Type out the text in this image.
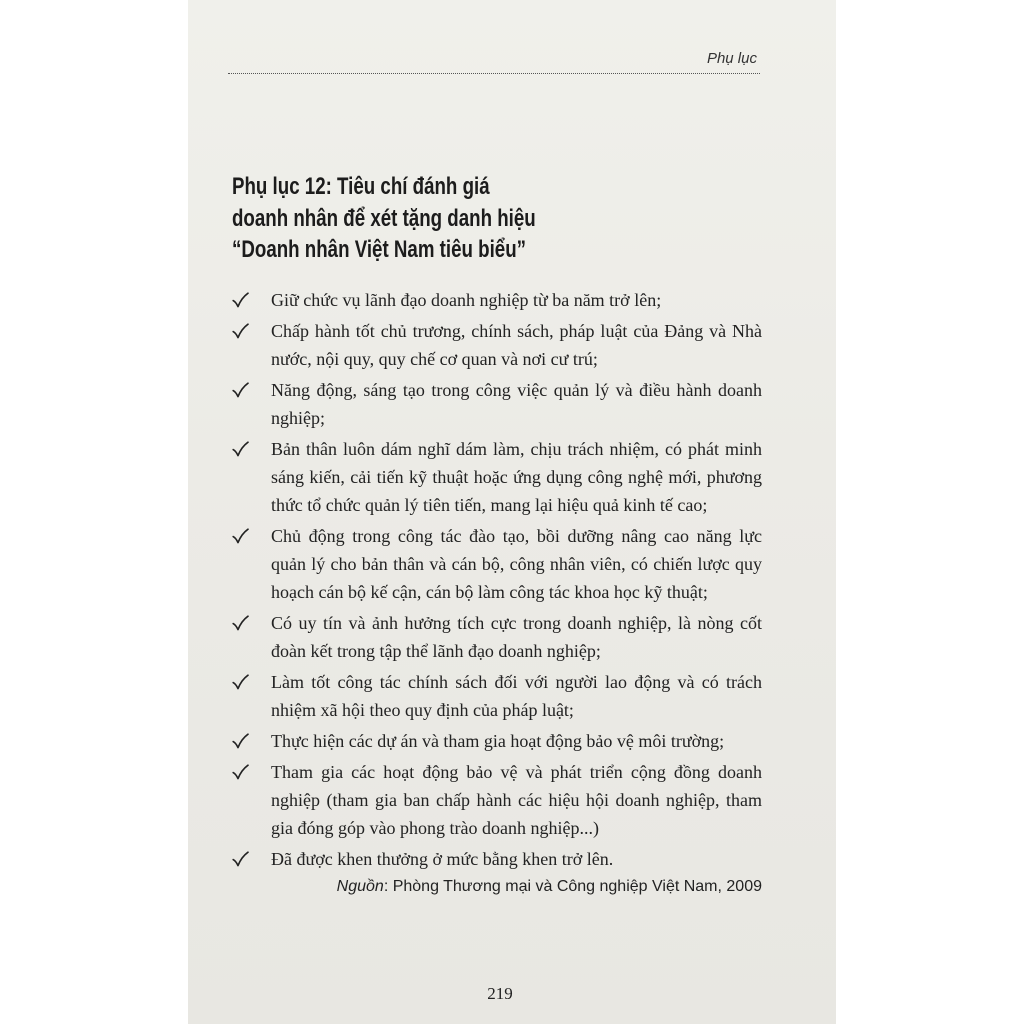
Phụ lục
Phụ lục 12: Tiêu chí đánh giá
doanh nhân để xét tặng danh hiệu
“Doanh nhân Việt Nam tiêu biểu”
Giữ chức vụ lãnh đạo doanh nghiệp từ ba năm trở lên;
Chấp hành tốt chủ trương, chính sách, pháp luật của Đảng và Nhà
nước, nội quy, quy chế cơ quan và nơi cư trú;
Năng động, sáng tạo trong công việc quản lý và điều hành doanh
nghiệp;
Bản thân luôn dám nghĩ dám làm, chịu trách nhiệm, có phát minh
sáng kiến, cải tiến kỹ thuật hoặc ứng dụng công nghệ mới, phương
thức tổ chức quản lý tiên tiến, mang lại hiệu quả kinh tế cao;
Chủ động trong công tác đào tạo, bồi dưỡng nâng cao năng lực
quản lý cho bản thân và cán bộ, công nhân viên, có chiến lược quy
hoạch cán bộ kế cận, cán bộ làm công tác khoa học kỹ thuật;
Có uy tín và ảnh hưởng tích cực trong doanh nghiệp, là nòng cốt
đoàn kết trong tập thể lãnh đạo doanh nghiệp;
Làm tốt công tác chính sách đối với người lao động và có trách
nhiệm xã hội theo quy định của pháp luật;
Thực hiện các dự án và tham gia hoạt động bảo vệ môi trường;
Tham gia các hoạt động bảo vệ và phát triển cộng đồng doanh
nghiệp (tham gia ban chấp hành các hiệu hội doanh nghiệp, tham
gia đóng góp vào phong trào doanh nghiệp...)
Đã được khen thưởng ở mức bằng khen trở lên.
Nguồn: Phòng Thương mại và Công nghiệp Việt Nam, 2009
219
